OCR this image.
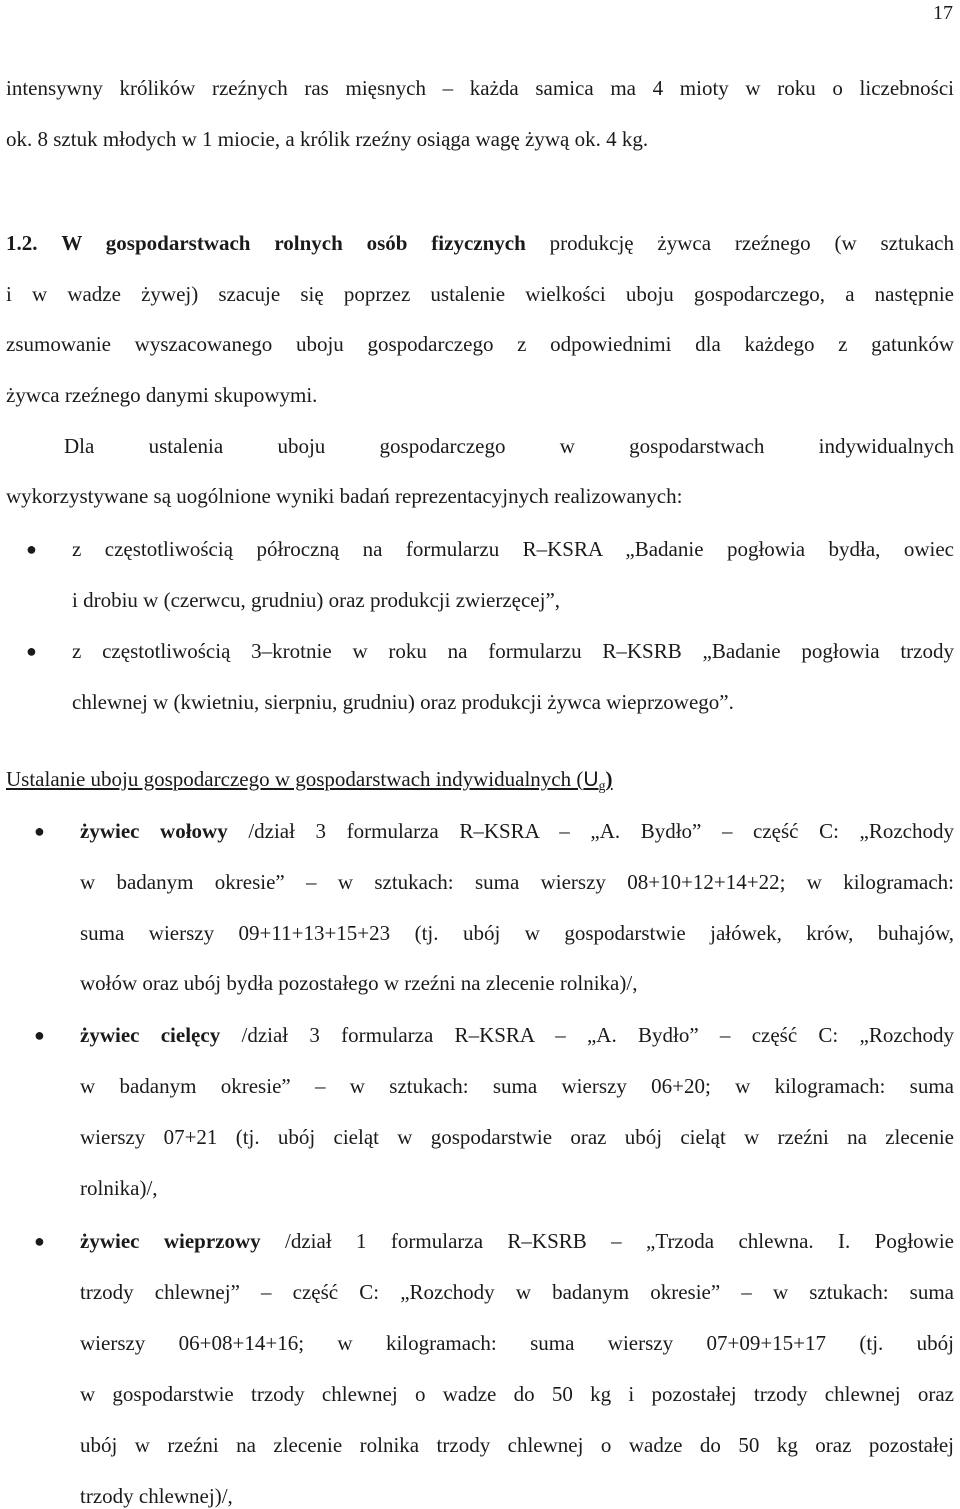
17
intensywny królików rzeźnych ras mięsnych – każda samica ma 4 mioty w roku o liczebności
ok. 8 sztuk młodych w 1 miocie, a królik rzeźny osiąga wagę żywą ok. 4 kg.
1.2. W gospodarstwach rolnych osób fizycznych produkcję żywca rzeźnego (w sztukach
i w wadze żywej) szacuje się poprzez ustalenie wielkości uboju gospodarczego, a następnie
zsumowanie wyszacowanego uboju gospodarczego z odpowiednimi dla każdego z gatunków
żywca rzeźnego danymi skupowymi.
Dla ustalenia uboju gospodarczego w gospodarstwach indywidualnych
wykorzystywane są uogólnione wyniki badań reprezentacyjnych realizowanych:
● z częstotliwością półroczną na formularzu R–KSRA „Badanie pogłowia bydła, owiec
i drobiu w (czerwcu, grudniu) oraz produkcji zwierzęcej”,
● z częstotliwością 3–krotnie w roku na formularzu R–KSRB „Badanie pogłowia trzody
chlewnej w (kwietniu, sierpniu, grudniu) oraz produkcji żywca wieprzowego”.
Ustalanie uboju gospodarczego w gospodarstwach indywidualnych (Ug)
● żywiec wołowy /dział 3 formularza R–KSRA – „A. Bydło” – część C: „Rozchody
w badanym okresie” – w sztukach: suma wierszy 08+10+12+14+22; w kilogramach:
suma wierszy 09+11+13+15+23 (tj. ubój w gospodarstwie jałówek, krów, buhajów,
wołów oraz ubój bydła pozostałego w rzeźni na zlecenie rolnika)/,
● żywiec cielęcy /dział 3 formularza R–KSRA – „A. Bydło” – część C: „Rozchody
w badanym okresie” – w sztukach: suma wierszy 06+20; w kilogramach: suma
wierszy 07+21 (tj. ubój cieląt w gospodarstwie oraz ubój cieląt w rzeźni na zlecenie
rolnika)/,
● żywiec wieprzowy /dział 1 formularza R–KSRB – „Trzoda chlewna. I. Pogłowie
trzody chlewnej” – część C: „Rozchody w badanym okresie” – w sztukach: suma
wierszy 06+08+14+16; w kilogramach: suma wierszy 07+09+15+17 (tj. ubój
w gospodarstwie trzody chlewnej o wadze do 50 kg i pozostałej trzody chlewnej oraz
ubój w rzeźni na zlecenie rolnika trzody chlewnej o wadze do 50 kg oraz pozostałej
trzody chlewnej)/,
